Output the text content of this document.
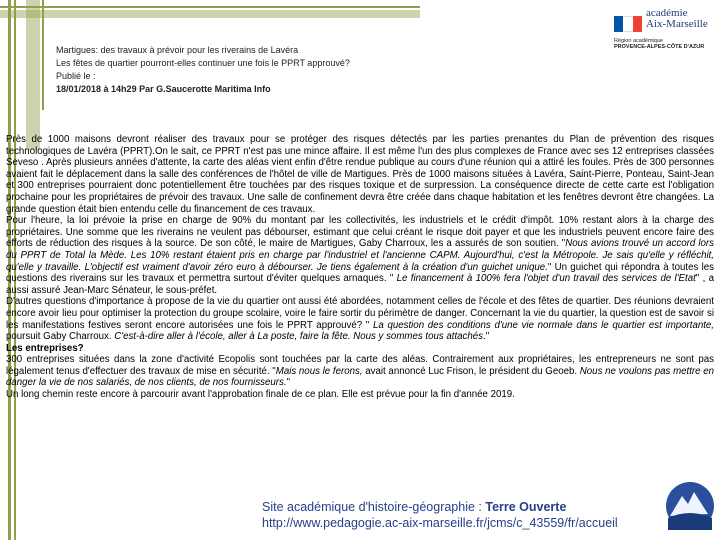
Martigues: des travaux à prévoir pour les riverains de Lavéra
Les fêtes de quartier pourront-elles continuer une fois le PPRT approuvé?
Publié le :
18/01/2018 à 14h29 Par G.Saucerotte Maritima Info
académie
Aix-Marseille
Région académique
PROVENCE-ALPES-CÔTE D'AZUR

Près de 1000 maisons devront réaliser des travaux pour se protéger des risques détectés par les parties prenantes du Plan de prévention des risques technologiques de Lavéra (PPRT).On le sait, ce PPRT n'est pas une mince affaire. Il est même l'un des plus complexes de France avec ses 12 entreprises classées Seveso . Après plusieurs années d'attente, la carte des aléas vient enfin d'être rendue publique au cours d'une réunion qui a attiré les foules. Près de 300 personnes avaient fait le déplacement dans la salle des conférences de l'hôtel de ville de Martigues. Près de 1000 maisons situées à Lavéra, Saint-Pierre, Ponteau, Saint-Jean et 300 entreprises pourraient donc potentiellement être touchées par des risques toxique et de surpression. La conséquence directe de cette carte est l'obligation prochaine pour les propriétaires de prévoir des travaux. Une salle de confinement devra être créée dans chaque habitation et les fenêtres devront être changées. La grande question était bien entendu celle du financement de ces travaux.

Pour l'heure, la loi prévoie la prise en charge de 90% du montant par les collectivités, les industriels et le crédit d'impôt. 10% restant alors à la charge des propriétaires. Une somme que les riverains ne veulent pas débourser, estimant que celui créant le risque doit payer et que les industriels peuvent encore faire des efforts de réduction des risques à la source. De son côté, le maire de Martigues, Gaby Charroux, les a assurés de son soutien. "Nous avions trouvé un accord lors du PPRT de Total la Mède. Les 10% restant étaient pris en charge par l'industriel et l'ancienne CAPM. Aujourd'hui, c'est la Métropole. Je sais qu'elle y réfléchit, qu'elle y travaille. L'objectif est vraiment d'avoir zéro euro à débourser. Je tiens également à la création d'un guichet unique." Un guichet qui répondra à toutes les questions des riverains sur les travaux et permettra surtout d'éviter quelques arnaques. " Le financement à 100% fera l'objet d'un travail des services de l'Etat" , a aussi assuré Jean-Marc Sénateur, le sous-préfet.

D'autres questions d'importance à propose de la vie du quartier ont aussi été abordées, notamment celles de l'école et des fêtes de quartier. Des réunions devraient encore avoir lieu pour optimiser la protection du groupe scolaire, voire le faire sortir du périmètre de danger. Concernant la vie du quartier, la question est de savoir si les manifestations festives seront encore autorisées une fois le PPRT approuvé? " La question des conditions d'une vie normale dans le quartier est importante, poursuit Gaby Charroux. C'est-à-dire aller à l'école, aller à La poste, faire la fête. Nous y sommes tous attachés."

Les entreprises?

300 entreprises situées dans la zone d'activité Ecopolis sont touchées par la carte des aléas. Contrairement aux propriétaires, les entrepreneurs ne sont pas légalement tenus d'effectuer des travaux de mise en sécurité. "Mais nous le ferons, avait annoncé Luc Frison, le président du Geoeb. Nous ne voulons pas mettre en danger la vie de nos salariés, de nos clients, de nos fournisseurs."

Un long chemin reste encore à parcourir avant l'approbation finale de ce plan. Elle est prévue pour la fin d'année 2019.

Site académique d'histoire-géographie : Terre Ouverte
http://www.pedagogie.ac-aix-marseille.fr/jcms/c_43559/fr/accueil
